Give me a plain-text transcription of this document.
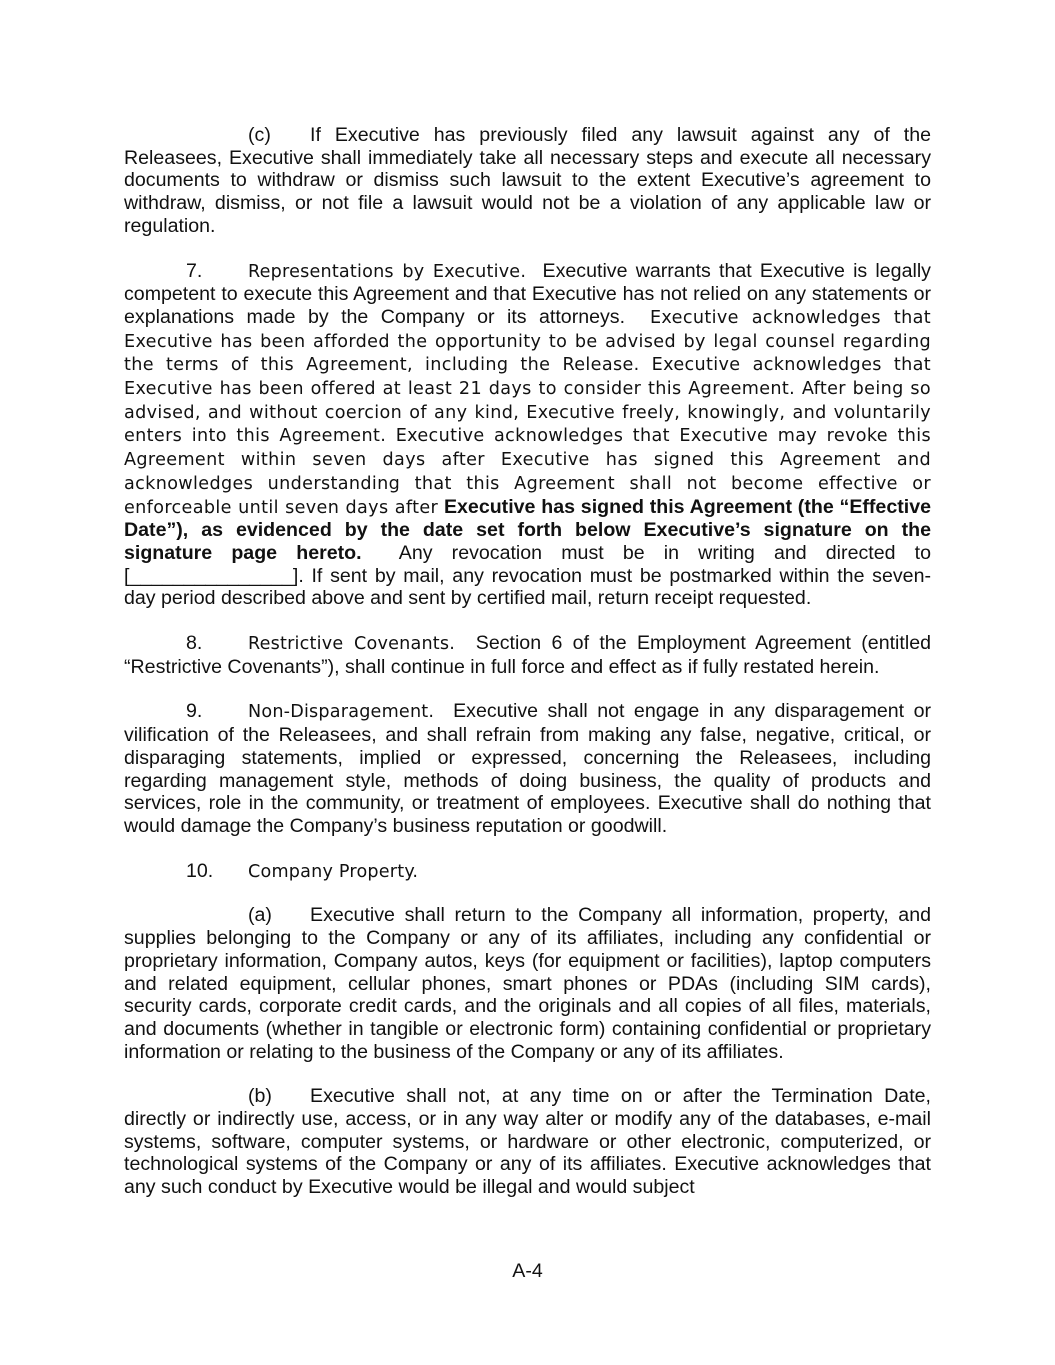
(c) If Executive has previously filed any lawsuit against any of the Releasees, Executive shall immediately take all necessary steps and execute all necessary documents to withdraw or dismiss such lawsuit to the extent Executive’s agreement to withdraw, dismiss, or not file a lawsuit would not be a violation of any applicable law or regulation.

7.	Representations by Executive. Executive warrants that Executive is legally competent to execute this Agreement and that Executive has not relied on any statements or explanations made by the Company or its attorneys. Executive acknowledges that Executive has been afforded the opportunity to be advised by legal counsel regarding the terms of this Agreement, including the Release. Executive acknowledges that Executive has been offered at least 21 days to consider this Agreement. After being so advised, and without coercion of any kind, Executive freely, knowingly, and voluntarily enters into this Agreement. Executive acknowledges that Executive may revoke this Agreement within seven days after Executive has signed this Agreement and acknowledges understanding that this Agreement shall not become effective or enforceable until seven days after Executive has signed this Agreement (the “Effective Date”), as evidenced by the date set forth below Executive’s signature on the signature page hereto. Any revocation must be in writing and directed to [_______________]. If sent by mail, any revocation must be postmarked within the seven-day period described above and sent by certified mail, return receipt requested.

8.	Restrictive Covenants. Section 6 of the Employment Agreement (entitled “Restrictive Covenants”), shall continue in full force and effect as if fully restated herein.

9.	Non-Disparagement. Executive shall not engage in any disparagement or vilification of the Releasees, and shall refrain from making any false, negative, critical, or disparaging statements, implied or expressed, concerning the Releasees, including regarding management style, methods of doing business, the quality of products and services, role in the community, or treatment of employees. Executive shall do nothing that would damage the Company’s business reputation or goodwill.

10. Company Property.

(a) Executive shall return to the Company all information, property, and supplies belonging to the Company or any of its affiliates, including any confidential or proprietary information, Company autos, keys (for equipment or facilities), laptop computers and related equipment, cellular phones, smart phones or PDAs (including SIM cards), security cards, corporate credit cards, and the originals and all copies of all files, materials, and documents (whether in tangible or electronic form) containing confidential or proprietary information or relating to the business of the Company or any of its affiliates.

(b) Executive shall not, at any time on or after the Termination Date, directly or indirectly use, access, or in any way alter or modify any of the databases, e-mail systems, software, computer systems, or hardware or other electronic, computerized, or technological systems of the Company or any of its affiliates. Executive acknowledges that any such conduct by Executive would be illegal and would subject

A-4
